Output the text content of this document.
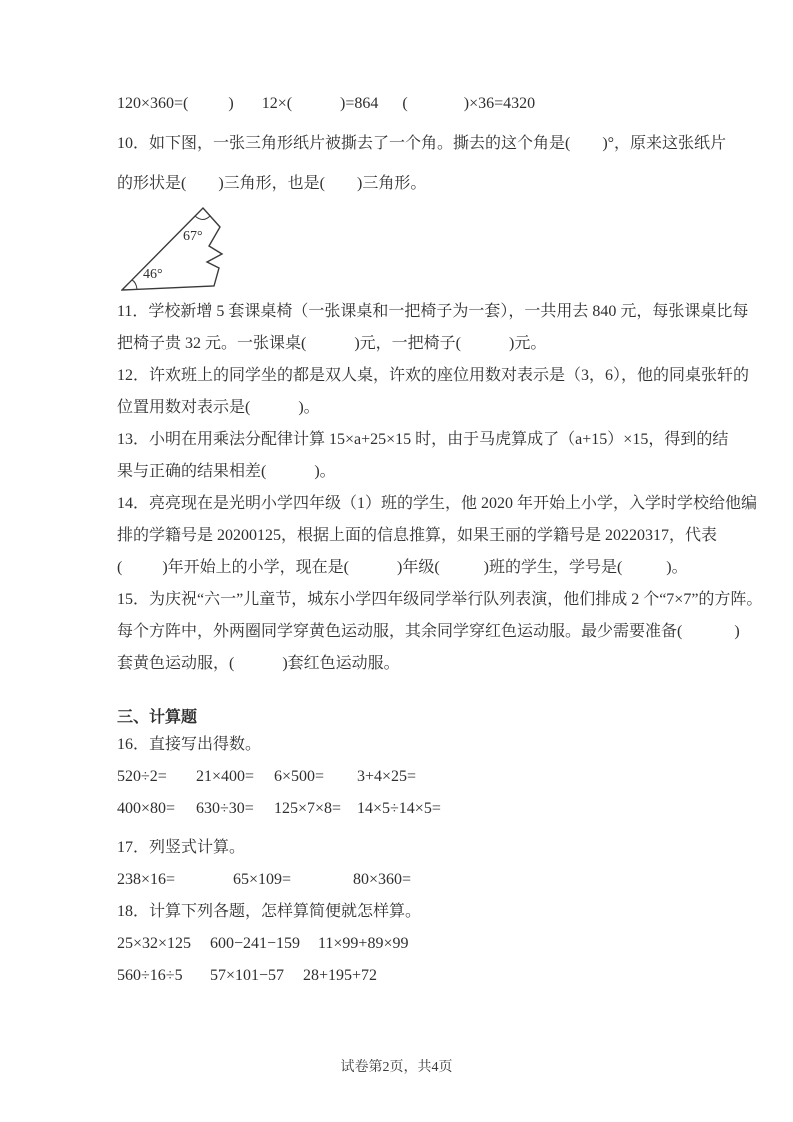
120×360=(          )       12×(            )=864      (              )×36=4320
10．如下图，一张三角形纸片被撕去了一个角。撕去的这个角是(        )°，原来这张纸片
的形状是(        )三角形，也是(        )三角形。
67°
46°
11．学校新增 5 套课桌椅（一张课桌和一把椅子为一套），一共用去 840 元，每张课桌比每
把椅子贵 32 元。一张课桌(            )元，一把椅子(            )元。
12．许欢班上的同学坐的都是双人桌，许欢的座位用数对表示是（3，6），他的同桌张轩的
位置用数对表示是(            )。
13．小明在用乘法分配律计算 15×a+25×15 时，由于马虎算成了（a+15）×15，得到的结
果与正确的结果相差(            )。
14．亮亮现在是光明小学四年级（1）班的学生，他 2020 年开始上小学，入学时学校给他编
排的学籍号是 20200125，根据上面的信息推算，如果王丽的学籍号是 20220317，代表
(          )年开始上的小学，现在是(            )年级(           )班的学生，学号是(           )。
15．为庆祝“六一”儿童节，城东小学四年级同学举行队列表演，他们排成 2 个“7×7”的方阵。
每个方阵中，外两圈同学穿黄色运动服，其余同学穿红色运动服。最少需要准备(             )
套黄色运动服，(            )套红色运动服。
三、计算题
16．直接写出得数。
520÷2=	21×400=	6×500=	3+4×25=
400×80=	630÷30=	125×7×8= 14×5÷14×5=
17．列竖式计算。
238×16=	65×109=	80×360=
18．计算下列各题，怎样算简便就怎样算。
25×32×125	600−241−159	11×99+89×99
560÷16÷5	57×101−57	28+195+72
试卷第2页，共4页
